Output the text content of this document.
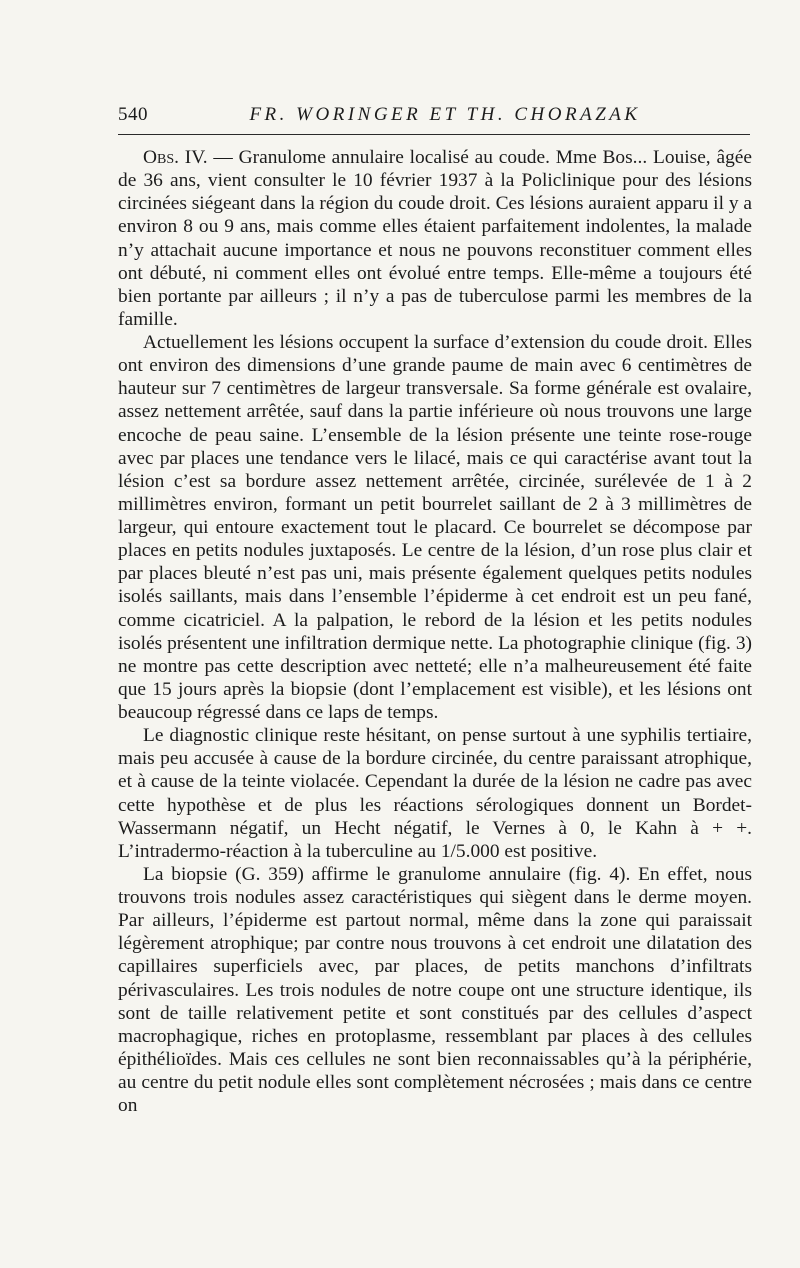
540	FR. WORINGER ET TH. CHORAZAK

Obs. IV. — Granulome annulaire localisé au coude. Mme Bos... Louise, âgée de 36 ans, vient consulter le 10 février 1937 à la Policlinique pour des lésions circinées siégeant dans la région du coude droit. Ces lésions auraient apparu il y a environ 8 ou 9 ans, mais comme elles étaient parfaitement indolentes, la malade n’y attachait aucune importance et nous ne pouvons reconstituer comment elles ont débuté, ni comment elles ont évolué entre temps. Elle-même a toujours été bien portante par ailleurs ; il n’y a pas de tuberculose parmi les membres de la famille.

Actuellement les lésions occupent la surface d’extension du coude droit. Elles ont environ des dimensions d’une grande paume de main avec 6 centimètres de hauteur sur 7 centimètres de largeur transversale. Sa forme générale est ovalaire, assez nettement arrêtée, sauf dans la partie inférieure où nous trouvons une large encoche de peau saine. L’ensemble de la lésion présente une teinte rose-rouge avec par places une tendance vers le lilacé, mais ce qui caractérise avant tout la lésion c’est sa bordure assez nettement arrêtée, circinée, surélevée de 1 à 2 millimètres environ, formant un petit bourrelet saillant de 2 à 3 millimètres de largeur, qui entoure exactement tout le placard. Ce bourrelet se décompose par places en petits nodules juxtaposés. Le centre de la lésion, d’un rose plus clair et par places bleuté n’est pas uni, mais présente également quelques petits nodules isolés saillants, mais dans l’ensemble l’épiderme à cet endroit est un peu fané, comme cicatriciel. A la palpation, le rebord de la lésion et les petits nodules isolés présentent une infiltration dermique nette. La photographie clinique (fig. 3) ne montre pas cette description avec netteté; elle n’a malheureusement été faite que 15 jours après la biopsie (dont l’emplacement est visible), et les lésions ont beaucoup régressé dans ce laps de temps.

Le diagnostic clinique reste hésitant, on pense surtout à une syphilis tertiaire, mais peu accusée à cause de la bordure circinée, du centre paraissant atrophique, et à cause de la teinte violacée. Cependant la durée de la lésion ne cadre pas avec cette hypothèse et de plus les réactions sérologiques donnent un Bordet-Wassermann négatif, un Hecht négatif, le Vernes à 0, le Kahn à + +. L’intradermo-réaction à la tuberculine au 1/5.000 est positive.

La biopsie (G. 359) affirme le granulome annulaire (fig. 4). En effet, nous trouvons trois nodules assez caractéristiques qui siègent dans le derme moyen. Par ailleurs, l’épiderme est partout normal, même dans la zone qui paraissait légèrement atrophique; par contre nous trouvons à cet endroit une dilatation des capillaires superficiels avec, par places, de petits manchons d’infiltrats périvasculaires. Les trois nodules de notre coupe ont une structure identique, ils sont de taille relativement petite et sont constitués par des cellules d’aspect macrophagique, riches en protoplasme, ressemblant par places à des cellules épithélioïdes. Mais ces cellules ne sont bien reconnaissables qu’à la périphérie, au centre du petit nodule elles sont complètement nécrosées ; mais dans ce centre on
